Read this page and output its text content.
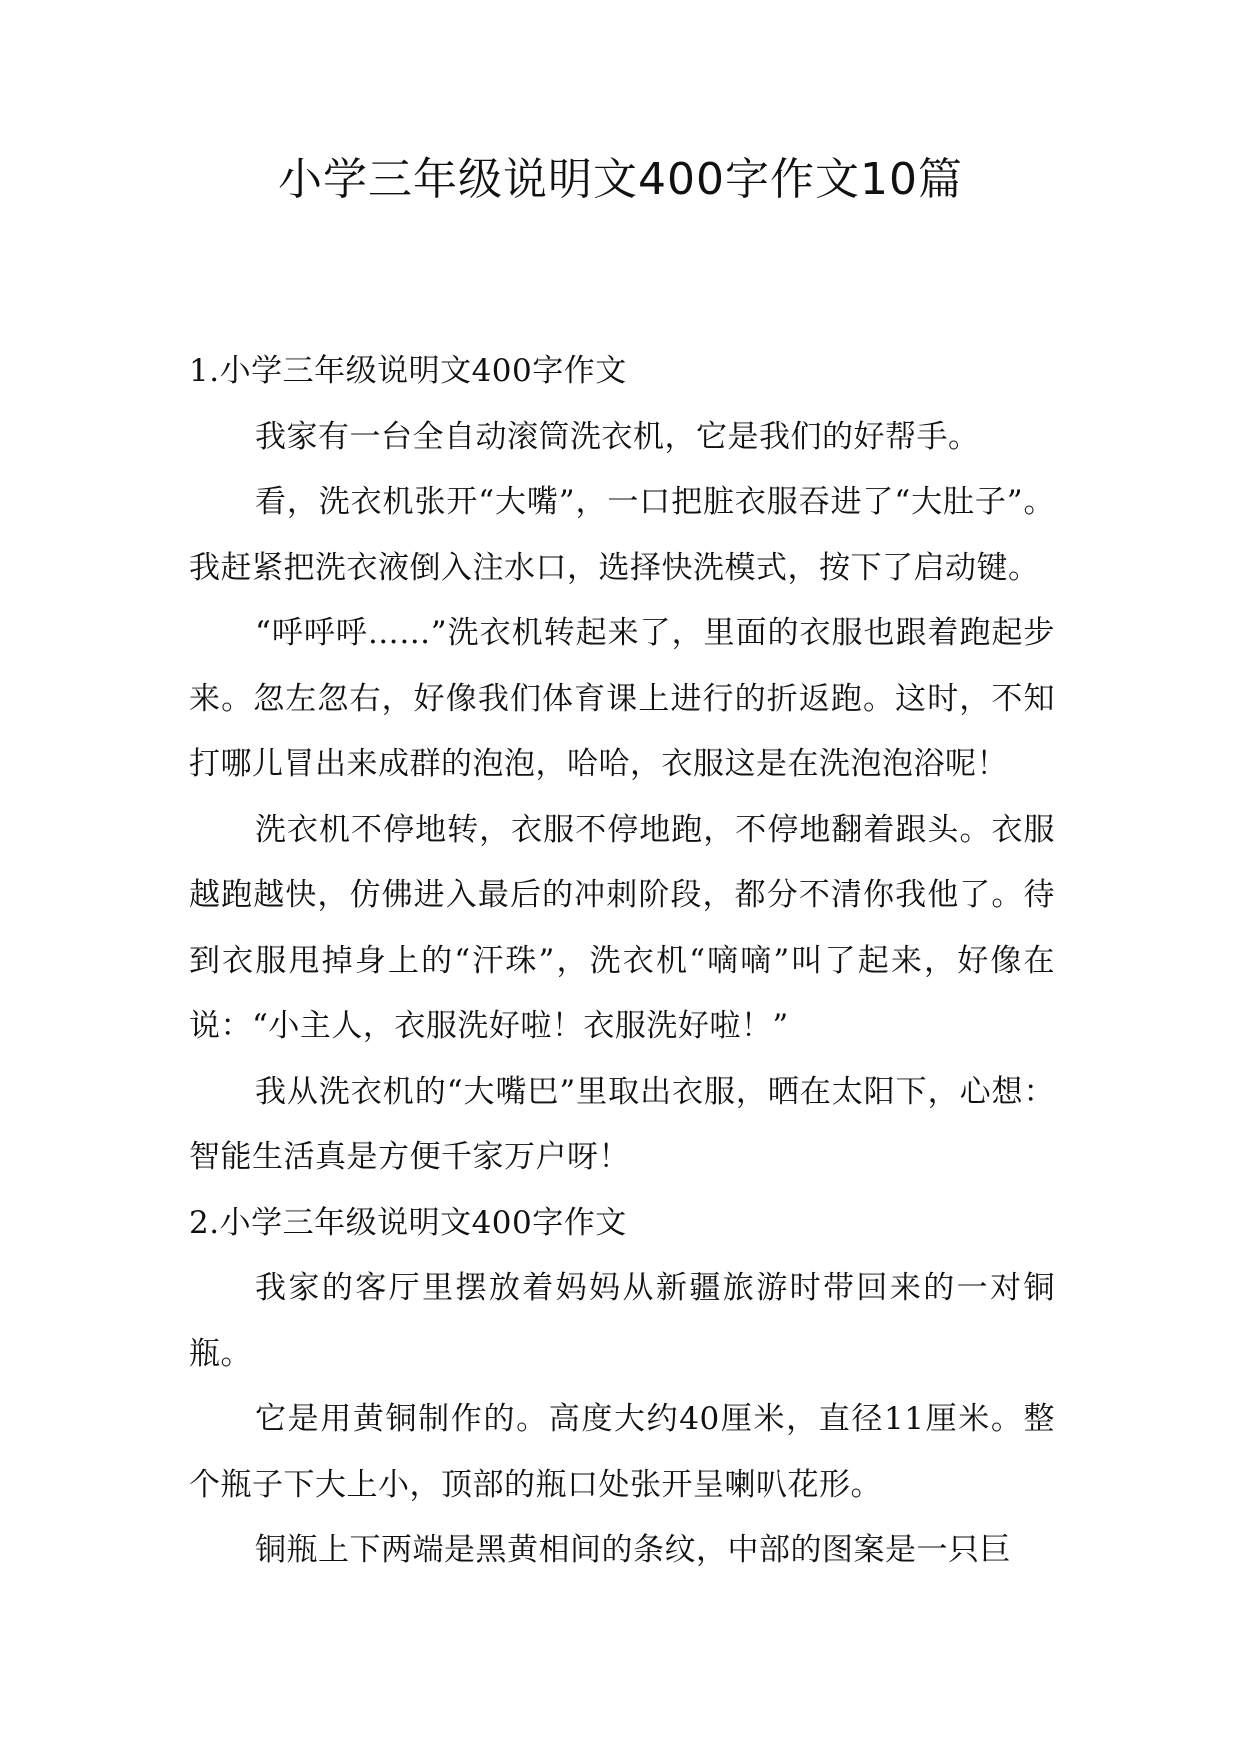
小学三年级说明文400字作文10篇
1.小学三年级说明文400字作文

我家有一台全自动滚筒洗衣机，它是我们的好帮手。

看，洗衣机张开“大嘴”，一口把脏衣服吞进了“大肚子”。我赶紧把洗衣液倒入注水口，选择快洗模式，按下了启动键。

“呼呼呼……”洗衣机转起来了，里面的衣服也跟着跑起步来。忽左忽右，好像我们体育课上进行的折返跑。这时，不知打哪儿冒出来成群的泡泡，哈哈，衣服这是在洗泡泡浴呢！

洗衣机不停地转，衣服不停地跑，不停地翻着跟头。衣服越跑越快，仿佛进入最后的冲刺阶段，都分不清你我他了。待到衣服甩掉身上的“汗珠”，洗衣机“嘀嘀”叫了起来，好像在说：“小主人，衣服洗好啦！衣服洗好啦！”

我从洗衣机的“大嘴巴”里取出衣服，晒在太阳下，心想：智能生活真是方便千家万户呀！

2.小学三年级说明文400字作文

我家的客厅里摆放着妈妈从新疆旅游时带回来的一对铜瓶。

它是用黄铜制作的。高度大约40厘米，直径11厘米。整个瓶子下大上小，顶部的瓶口处张开呈喇叭花形。

铜瓶上下两端是黑黄相间的条纹，中部的图案是一只巨
